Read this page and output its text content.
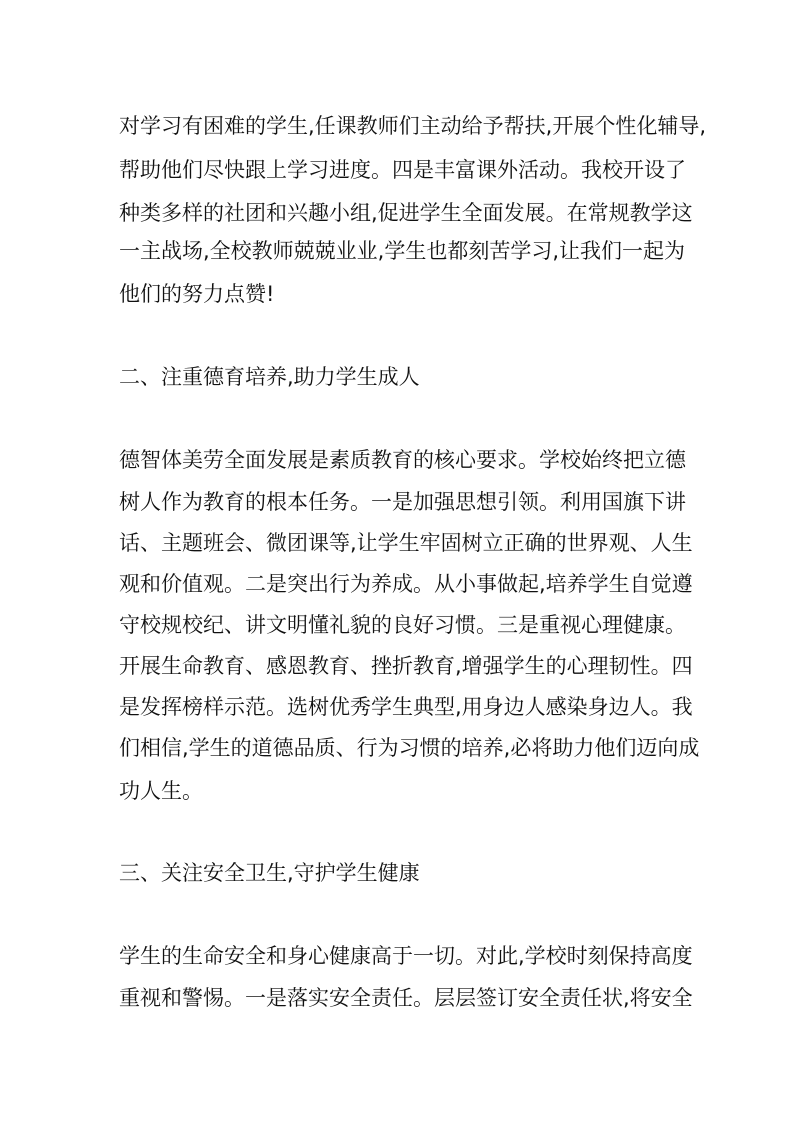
对学习有困难的学生,任课教师们主动给予帮扶,开展个性化辅导,
帮助他们尽快跟上学习进度。四是丰富课外活动。我校开设了
种类多样的社团和兴趣小组,促进学生全面发展。在常规教学这
一主战场,全校教师兢兢业业,学生也都刻苦学习,让我们一起为
他们的努力点赞!
二、注重德育培养,助力学生成人
德智体美劳全面发展是素质教育的核心要求。学校始终把立德
树人作为教育的根本任务。一是加强思想引领。利用国旗下讲
话、主题班会、微团课等,让学生牢固树立正确的世界观、人生
观和价值观。二是突出行为养成。从小事做起,培养学生自觉遵
守校规校纪、讲文明懂礼貌的良好习惯。三是重视心理健康。
开展生命教育、感恩教育、挫折教育,增强学生的心理韧性。四
是发挥榜样示范。选树优秀学生典型,用身边人感染身边人。我
们相信,学生的道德品质、行为习惯的培养,必将助力他们迈向成
功人生。
三、关注安全卫生,守护学生健康
学生的生命安全和身心健康高于一切。对此,学校时刻保持高度
重视和警惕。一是落实安全责任。层层签订安全责任状,将安全
